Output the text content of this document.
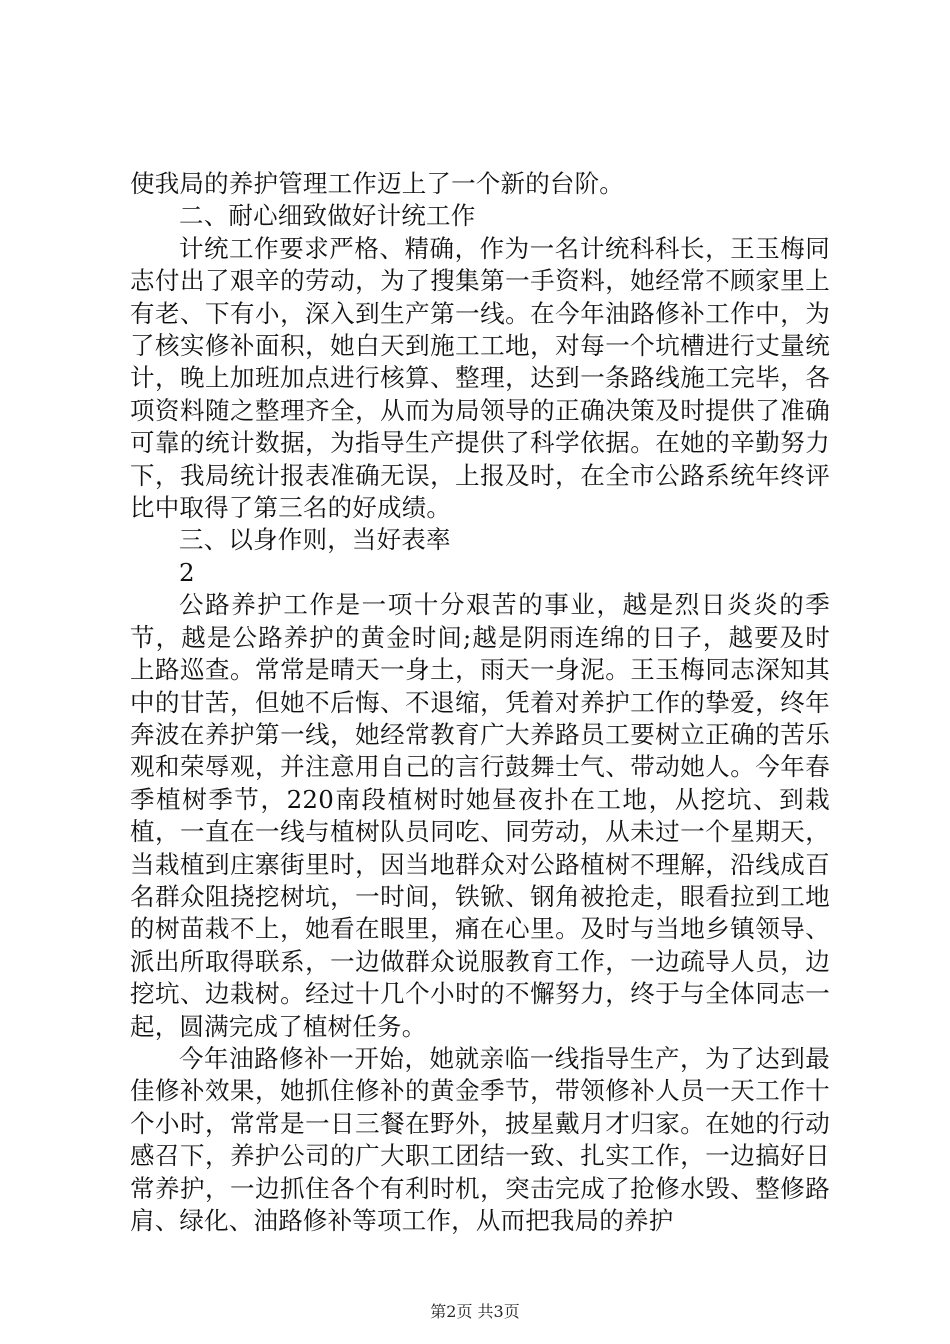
使我局的养护管理工作迈上了一个新的台阶。

二、耐心细致做好计统工作

计统工作要求严格、精确，作为一名计统科科长，王玉梅同志付出了艰辛的劳动，为了搜集第一手资料，她经常不顾家里上有老、下有小，深入到生产第一线。在今年油路修补工作中，为了核实修补面积，她白天到施工工地，对每一个坑槽进行丈量统计，晚上加班加点进行核算、整理，达到一条路线施工完毕，各项资料随之整理齐全，从而为局领导的正确决策及时提供了准确可靠的统计数据，为指导生产提供了科学依据。在她的辛勤努力下，我局统计报表准确无误，上报及时，在全市公路系统年终评比中取得了第三名的好成绩。

三、以身作则，当好表率

2

公路养护工作是一项十分艰苦的事业，越是烈日炎炎的季节，越是公路养护的黄金时间;越是阴雨连绵的日子，越要及时上路巡查。常常是晴天一身土，雨天一身泥。王玉梅同志深知其中的甘苦，但她不后悔、不退缩，凭着对养护工作的挚爱，终年奔波在养护第一线，她经常教育广大养路员工要树立正确的苦乐观和荣辱观，并注意用自己的言行鼓舞士气、带动她人。今年春季植树季节，220南段植树时她昼夜扑在工地，从挖坑、到栽植，一直在一线与植树队员同吃、同劳动，从未过一个星期天，当栽植到庄寨街里时，因当地群众对公路植树不理解，沿线成百名群众阻挠挖树坑，一时间，铁锨、钢角被抢走，眼看拉到工地的树苗栽不上，她看在眼里，痛在心里。及时与当地乡镇领导、派出所取得联系，一边做群众说服教育工作，一边疏导人员，边挖坑、边栽树。经过十几个小时的不懈努力，终于与全体同志一起，圆满完成了植树任务。

今年油路修补一开始，她就亲临一线指导生产，为了达到最佳修补效果，她抓住修补的黄金季节，带领修补人员一天工作十个小时，常常是一日三餐在野外，披星戴月才归家。在她的行动感召下，养护公司的广大职工团结一致、扎实工作，一边搞好日常养护，一边抓住各个有利时机，突击完成了抢修水毁、整修路肩、绿化、油路修补等项工作，从而把我局的养护

第2页 共3页
